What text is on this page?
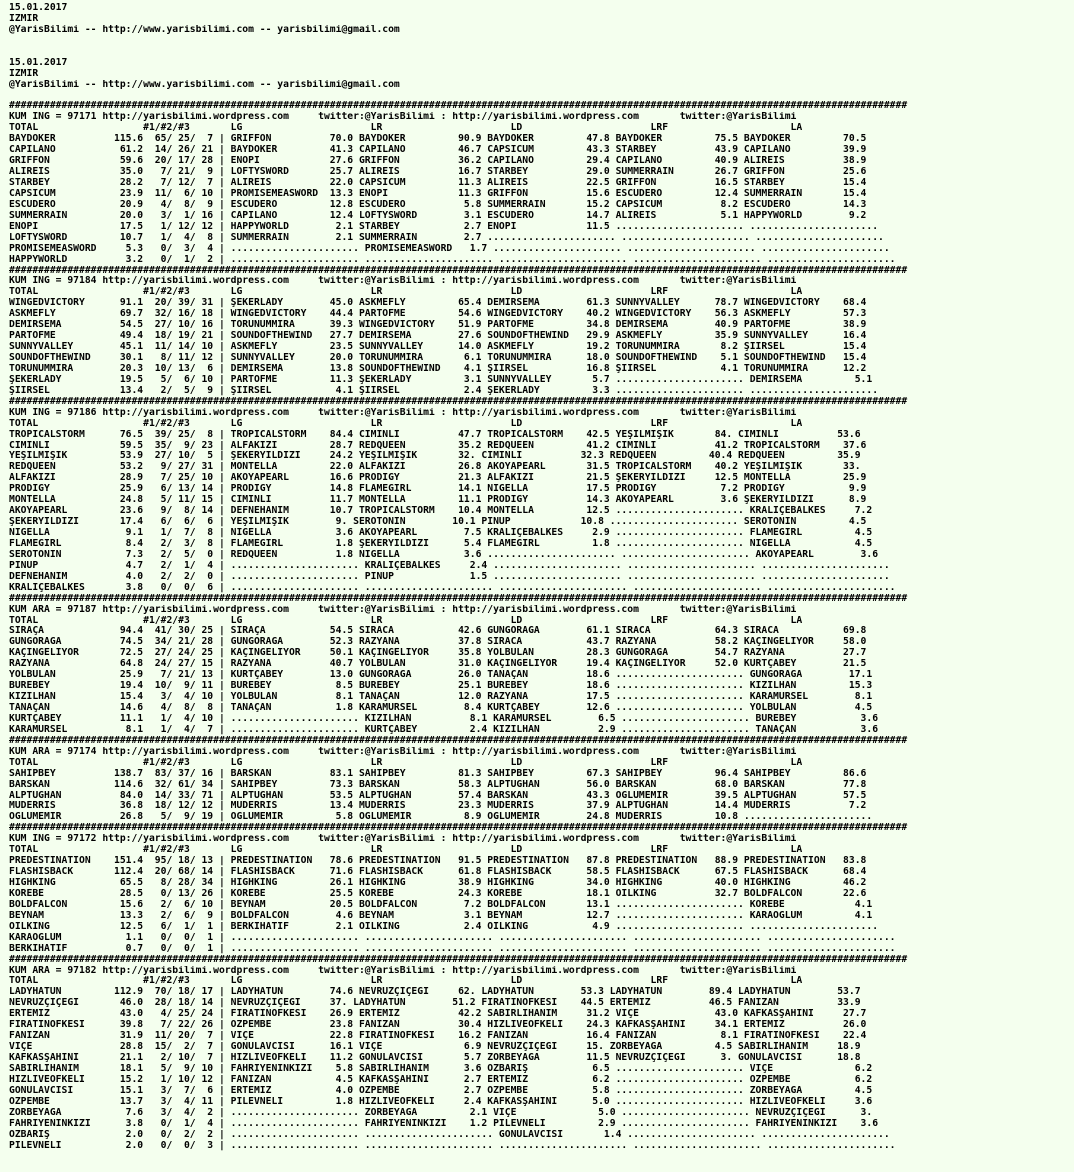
15.01.2017
IZMIR
@YarisBilimi -- http://www.yarisbilimi.com -- yarisbilimi@gmail.com
15.01.2017
IZMIR
@YarisBilimi -- http://www.yarisbilimi.com -- yarisbilimi@gmail.com
##########################################################################################################################################################
KUM ING = 97171 http://yarisbilimi.wordpress.com     twitter:@YarisBilimi : http://yarisbilimi.wordpress.com       twitter:@YarisBilimi
TOTAL                  #1/#2/#3       LG                      LR                      LD                      LRF                     LA
BAYDÖKER          115.6  65/ 25/  7 | GRIFFON          70.0 BAYDÖKER         90.9 BAYDÖKER         47.8 BAYDÖKER         75.5 BAYDÖKER         70.5
CAPILANO           61.2  14/ 26/ 21 | BAYDÖKER         41.3 CAPILANO         46.7 CAPSICUM         43.3 STARBEY          43.9 CAPILANO         39.9
GRIFFON            59.6  20/ 17/ 28 | ENOPI            27.6 GRIFFON          36.2 CAPILANO         29.4 CAPILANO         40.9 ALIREIS          38.9
ALIREIS            35.0   7/ 21/  9 | LOFTYSWORD       25.7 ALIREIS          16.7 STARBEY          29.0 SUMMERRAIN       26.7 GRIFFON          25.6
STARBEY            28.2   7/ 12/  7 | ALIREIS          22.0 CAPSICUM         11.3 ALIREIS          22.5 GRIFFON          16.5 STARBEY          15.4
CAPSICUM           23.9  11/  6/ 10 | PROMISEMEASWORD  13.3 ENOPI            11.3 GRIFFON          15.6 ESCUDERO         12.4 SUMMERRAIN       15.4
ESCUDERO           20.9   4/  8/  9 | ESCUDERO         12.8 ESCUDERO          5.8 SUMMERRAIN       15.2 CAPSICUM          8.2 ESCUDERO         14.3
SUMMERRAIN         20.0   3/  1/ 16 | CAPILANO         12.4 LOFTYSWORD        3.1 ESCUDERO         14.7 ALIREIS           5.1 HAPPYWORLD        9.2
ENOPI              17.5   1/ 12/ 12 | HAPPYWORLD        2.1 STARBEY           2.7 ENOPI            11.5 ...................... ......................
LOFTYSWORD         10.7   1/  4/  8 | SUMMERRAIN        2.1 SUMMERRAIN        2.7 ...................... ...................... ......................
PROMISEMEASWORD     5.3   0/  3/  4 | ...................... PROMISEMEASWORD   1.7 ...................... ...................... ......................
HAPPYWORLD          3.2   0/  1/  2 | ...................... ...................... ...................... ...................... ......................
##########################################################################################################################################################
KUM ING = 97184 http://yarisbilimi.wordpress.com     twitter:@YarisBilimi : http://yarisbilimi.wordpress.com       twitter:@YarisBilimi
TOTAL                  #1/#2/#3       LG                      LR                      LD                      LRF                     LA
WINGEDVICTORY      91.1  20/ 39/ 31 | ŞEKERLADY        45.0 ASKMEFLY         65.4 DEMIRSEMA        61.3 SUNNYVALLEY      78.7 WINGEDVICTORY    68.4
ASKMEFLY           69.7  32/ 16/ 18 | WINGEDVICTORY    44.4 PARTOFME         54.6 WINGEDVICTORY    40.2 WINGEDVICTORY    56.3 ASKMEFLY         57.3
DEMIRSEMA          54.5  27/ 10/ 16 | TORUNUMMIRA      39.3 WINGEDVICTORY    51.9 PARTOFME         34.8 DEMIRSEMA        40.9 PARTOFME         38.9
PARTOFME           49.4  18/ 19/ 21 | SOUNDOFTHEWIND   27.7 DEMIRSEMA        27.6 SOUNDOFTHEWIND   29.9 ASKMEFLY         35.9 SUNNYVALLEY      16.4
SUNNYVALLEY        45.1  11/ 14/ 10 | ASKMEFLY         23.5 SUNNYVALLEY      14.0 ASKMEFLY         19.2 TORUNUMMIRA       8.2 ŞIIRSEL          15.4
SOUNDOFTHEWIND     30.1   8/ 11/ 12 | SUNNYVALLEY      20.0 TORUNUMMIRA       6.1 TORUNUMMIRA      18.0 SOUNDOFTHEWIND    5.1 SOUNDOFTHEWIND   15.4
TORUNUMMIRA        20.3  10/ 13/  6 | DEMIRSEMA        13.8 SOUNDOFTHEWIND    4.1 ŞIIRSEL          16.8 ŞIIRSEL           4.1 TORUNUMMIRA      12.2
ŞEKERLADY          19.5   5/  6/ 10 | PARTOFME         11.3 ŞEKERLADY         3.1 SUNNYVALLEY       5.7 ...................... DEMIRSEMA         5.1
ŞIIRSEL            13.4   2/  5/  9 | ŞIIRSEL           4.1 ŞIIRSEL           2.4 ŞEKERLADY         3.3 ...................... ......................
##########################################################################################################################################################
KUM ING = 97186 http://yarisbilimi.wordpress.com     twitter:@YarisBilimi : http://yarisbilimi.wordpress.com       twitter:@YarisBilimi
TOTAL                  #1/#2/#3       LG                      LR                      LD                      LRF                     LA
TROPICALSTORM      76.5  39/ 25/  8 | TROPICALSTORM    84.4 CIMINLI          47.7 TROPICALSTORM    42.5 YEŞILMIŞIK       84. CIMINLI          53.6
CIMINLI            59.5  35/  9/ 23 | ALFAKIZI         28.7 REDQUEEN         35.2 REDQUEEN         41.2 CIMINLI          41.2 TROPICALSTORM    37.6
YEŞILMIŞIK         53.9  27/ 10/  5 | ŞEKERYILDIZI     24.2 YEŞILMIŞIK       32. CIMINLI          32.3 REDQUEEN         40.4 REDQUEEN         35.9
REDQUEEN           53.2   9/ 27/ 31 | MONTELLA         22.0 ALFAKIZI         26.8 AKOYAPEARL       31.5 TROPICALSTORM    40.2 YEŞILMIŞIK       33.
ALFAKIZI           28.9   7/ 25/ 10 | AKOYAPEARL       16.6 PRODIGY          21.3 ALFAKIZI         21.5 ŞEKERYILDIZI     12.5 MONTELLA         25.9
PRODIGY            25.9   6/ 13/ 14 | PRODIGY          14.8 FLAMEGIRL        14.1 NIGELLA          17.5 PRODIGY           7.2 PRODIGY           9.9
MONTELLA           24.8   5/ 11/ 15 | CIMINLI          11.7 MONTELLA         11.1 PRODIGY          14.3 AKOYAPEARL        3.6 ŞEKERYILDIZI      8.9
AKOYAPEARL         23.6   9/  8/ 14 | DEFNEHANIM       10.7 TROPICALSTORM    10.4 MONTELLA         12.5 ...................... KRALIÇEBALKES     7.2
ŞEKERYILDIZI       17.4   6/  6/  6 | YEŞILMIŞIK        9. SEROTONIN        10.1 PINUP            10.8 ...................... SEROTONIN         4.5
NIGELLA             9.1   1/  7/  8 | NIGELLA           3.6 AKOYAPEARL        7.5 KRALIÇEBALKES     2.9 ...................... FLAMEGIRL         4.5
FLAMEGIRL           8.4   2/  3/  8 | FLAMEGIRL         1.8 ŞEKERYILDIZI      5.4 FLAMEGIRL         1.8 ...................... NIGELLA           4.5
SEROTONIN           7.3   2/  5/  0 | REDQUEEN          1.8 NIGELLA           3.6 ...................... ...................... AKOYAPEARL        3.6
PINUP               4.7   2/  1/  4 | ...................... KRALIÇEBALKES     2.4 ...................... ...................... ......................
DEFNEHANIM          4.0   2/  2/  0 | ...................... PINUP             1.5 ...................... ...................... ......................
KRALIÇEBALKES       3.8   0/  0/  6 | ...................... ...................... ...................... ...................... ......................
##########################################################################################################################################################
KUM ARA = 97187 http://yarisbilimi.wordpress.com     twitter:@YarisBilimi : http://yarisbilimi.wordpress.com       twitter:@YarisBilimi
TOTAL                  #1/#2/#3       LG                      LR                      LD                      LRF                     LA
SIRAÇA             94.4  41/ 30/ 25 | SIRAÇA           54.5 SIRACA           42.6 GÜNGÖRAĞA        61.1 SIRACA           64.3 SIRACA           69.8
GÜNGÖRAĞA          74.5  34/ 21/ 28 | GÜNGÖRAĞA        52.3 RAZYANA          37.8 SIRACA           43.7 RAZYANA          58.2 KAÇINGELIYOR     58.0
KAÇINGELIYOR       72.5  27/ 24/ 25 | KAÇINGELIYOR     50.1 KAÇINGELIYOR     35.8 YOLBULAN         28.3 GÜNGÖRAĞA        54.7 RAZYANA          27.7
RAZYANA            64.8  24/ 27/ 15 | RAZYANA          40.7 YOLBULAN         31.0 KAÇINGELIYOR     19.4 KAÇINGELIYOR     52.0 KURTÇABEY        21.5
YOLBULAN           25.9   7/ 21/ 13 | KURTÇABEY        13.0 GÜNGÖRAĞA        26.0 TANAÇAN          18.6 ...................... GÜNGÖRAĞA        17.1
BÜREBEY            19.4  10/  9/ 11 | BÜREBEY           8.5 BÜREBEY          25.1 BÜREBEY          18.6 ...................... KIZILHAN         15.3
KIZILHAN           15.4   3/  4/ 10 | YOLBULAN          8.1 TANAÇAN          12.0 RAZYANA          17.5 ...................... KARAMÜRSEL        8.1
TANAÇAN            14.6   4/  8/  8 | TANAÇAN           1.8 KARAMÜRSEL        8.4 KURTÇABEY        12.6 ...................... YOLBULAN          4.5
KURTÇABEY          11.1   1/  4/ 10 | ...................... KIZILHAN          8.1 KARAMÜRSEL        6.5 ...................... BÜREBEY           3.6
KARAMÜRSEL          8.1   1/  4/  7 | ...................... KURTÇABEY         2.4 KIZILHAN          2.9 ...................... TANAÇAN           3.6
##########################################################################################################################################################
KUM ARA = 97174 http://yarisbilimi.wordpress.com     twitter:@YarisBilimi : http://yarisbilimi.wordpress.com       twitter:@YarisBilimi
TOTAL                  #1/#2/#3       LG                      LR                      LD                      LRF                     LA
SAHIPBEY          138.7  83/ 37/ 16 | BARSKAN          83.1 SAHIPBEY         81.3 SAHIPBEY         67.3 SAHIPBEY         96.4 SAHIPBEY         86.6
BARSKAN           114.6  32/ 61/ 34 | SAHIPBEY         73.3 BARSKAN          58.3 ALPTUGHAN        56.0 BARSKAN          68.0 BARSKAN          77.8
ALPTUGHAN          84.0  14/ 33/ 71 | ALPTUGHAN        53.5 ALPTUGHAN        57.4 BARSKAN          43.3 OGLUMEMIR        39.5 ALPTUGHAN        57.5
MÜDERRIS           36.8  18/ 12/ 12 | MÜDERRIS         13.4 MÜDERRIS         23.3 MÜDERRIS         37.9 ALPTUGHAN        14.4 MÜDERRIS          7.2
OGLUMEMIR          26.8   5/  9/ 19 | OGLUMEMIR         5.8 OGLUMEMIR         8.9 OGLUMEMIR        24.8 MÜDERRIS         10.8 ......................
##########################################################################################################################################################
KUM ING = 97172 http://yarisbilimi.wordpress.com     twitter:@YarisBilimi : http://yarisbilimi.wordpress.com       twitter:@YarisBilimi
TOTAL                  #1/#2/#3       LG                      LR                      LD                      LRF                     LA
PREDESTINATION    151.4  95/ 18/ 13 | PREDESTINATION   78.6 PREDESTINATION   91.5 PREDESTINATION   87.8 PREDESTINATION   88.9 PREDESTINATION   83.8
FLASHISBACK       112.4  20/ 68/ 14 | FLASHISBACK      71.6 FLASHISBACK      61.8 FLASHISBACK      58.5 FLASHISBACK      67.5 FLASHISBACK      68.4
HIGHKING           65.5   8/ 28/ 34 | HIGHKING         26.1 HIGHKING         38.9 HIGHKING         34.0 HIGHKING         40.0 HIGHKING         46.2
KOREBE             28.5   0/ 13/ 26 | KOREBE           25.5 KOREBE           24.3 KOREBE           18.1 OILKING          32.7 BOLDFALCON       22.6
BOLDFALCON         15.6   2/  6/ 10 | BEYNAM           20.5 BOLDFALCON        7.2 BOLDFALCON       13.1 ...................... KOREBE            4.1
BEYNAM             13.3   2/  6/  9 | BOLDFALCON        4.6 BEYNAM            3.1 BEYNAM           12.7 ...................... KARAOGLUM         4.1
OILKING            12.5   6/  1/  1 | BERKIHATIF        2.1 OILKING           2.4 OILKING           4.9 ...................... ......................
KARAOGLUM           1.1   0/  0/  1 | ...................... ...................... ...................... ...................... ......................
BERKIHATIF          0.7   0/  0/  1 | ...................... ...................... ...................... ...................... ......................
##########################################################################################################################################################
KUM ARA = 97182 http://yarisbilimi.wordpress.com     twitter:@YarisBilimi : http://yarisbilimi.wordpress.com       twitter:@YarisBilimi
TOTAL                  #1/#2/#3       LG                      LR                      LD                      LRF                     LA
LADYHATUN         112.9  70/ 18/ 17 | LADYHATUN        74.6 NEVRUZÇIÇEĞI     62. LADYHATUN        53.3 LADYHATUN        89.4 LADYHATUN        53.7
NEVRUZÇIÇEĞI       46.0  28/ 18/ 14 | NEVRUZÇIÇEĞI     37. LADYHATUN        51.2 FIRATINOFKESI    44.5 ERTEMIZ          46.5 FANIZAN          33.9
ERTEMIZ            43.0   4/ 25/ 24 | FIRATINOFKESI    26.9 ERTEMIZ          42.2 SABIRLIHANIM     31.2 VIÇE             43.0 KAFKASŞAHINI     27.7
FIRATINOFKESI      39.8   7/ 22/ 26 | ÖZPEMBE          23.8 FANIZAN          30.4 HIZLIVEOFKELI    24.3 KAFKASŞAHINI     34.1 ERTEMIZ          26.0
FANIZAN            31.9  11/ 20/  7 | VIÇE             22.8 FIRATINOFKESI    16.2 FANIZAN          16.4 FANIZAN           8.1 FIRATINOFKESI    22.4
VIÇE               28.8  15/  2/  7 | GONULAVCISI      16.1 VIÇE              6.9 NEVRUZÇIÇEĞI     15. ZORBEYAĞA         4.5 SABIRLIHANIM     18.9
KAFKASŞAHINI       21.1   2/ 10/  7 | HIZLIVEOFKELI    11.2 GONULAVCISI       5.7 ZORBEYAĞA        11.5 NEVRUZÇIÇEĞI      3. GONULAVCISI      18.8
SABIRLIHANIM       18.1   5/  9/ 10 | FAHRIYENINKIZI    5.8 SABIRLIHANIM      3.6 ÖZBARIŞ           6.5 ...................... VIÇE              6.2
HIZLIVEOFKELI      15.2   1/ 10/ 12 | FANIZAN           4.5 KAFKASŞAHINI      2.7 ERTEMIZ           6.2 ...................... ÖZPEMBE           6.2
GONULAVCISI        15.1   3/  7/  6 | ERTEMIZ           4.0 ÖZPEMBE           2.7 ÖZPEMBE           5.8 ...................... ZORBEYAĞA         4.5
ÖZPEMBE            13.7   3/  4/ 11 | PILEVNELI         1.8 HIZLIVEOFKELI     2.4 KAFKASŞAHINI      5.0 ...................... HIZLIVEOFKELI     3.6
ZORBEYAĞA           7.6   3/  4/  2 | ...................... ZORBEYAĞA         2.1 VIÇE              5.0 ...................... NEVRUZÇIÇEĞI      3.
FAHRIYENINKIZI      3.8   0/  1/  4 | ...................... FAHRIYENINKIZI    1.2 PILEVNELI         2.9 ...................... FAHRIYENINKIZI    3.6
ÖZBARIŞ             2.0   0/  2/  2 | ...................... ...................... GONULAVCISI       1.4 ...................... ......................
PILEVNELI           2.0   0/  0/  3 | ...................... ...................... ...................... ...................... ......................
